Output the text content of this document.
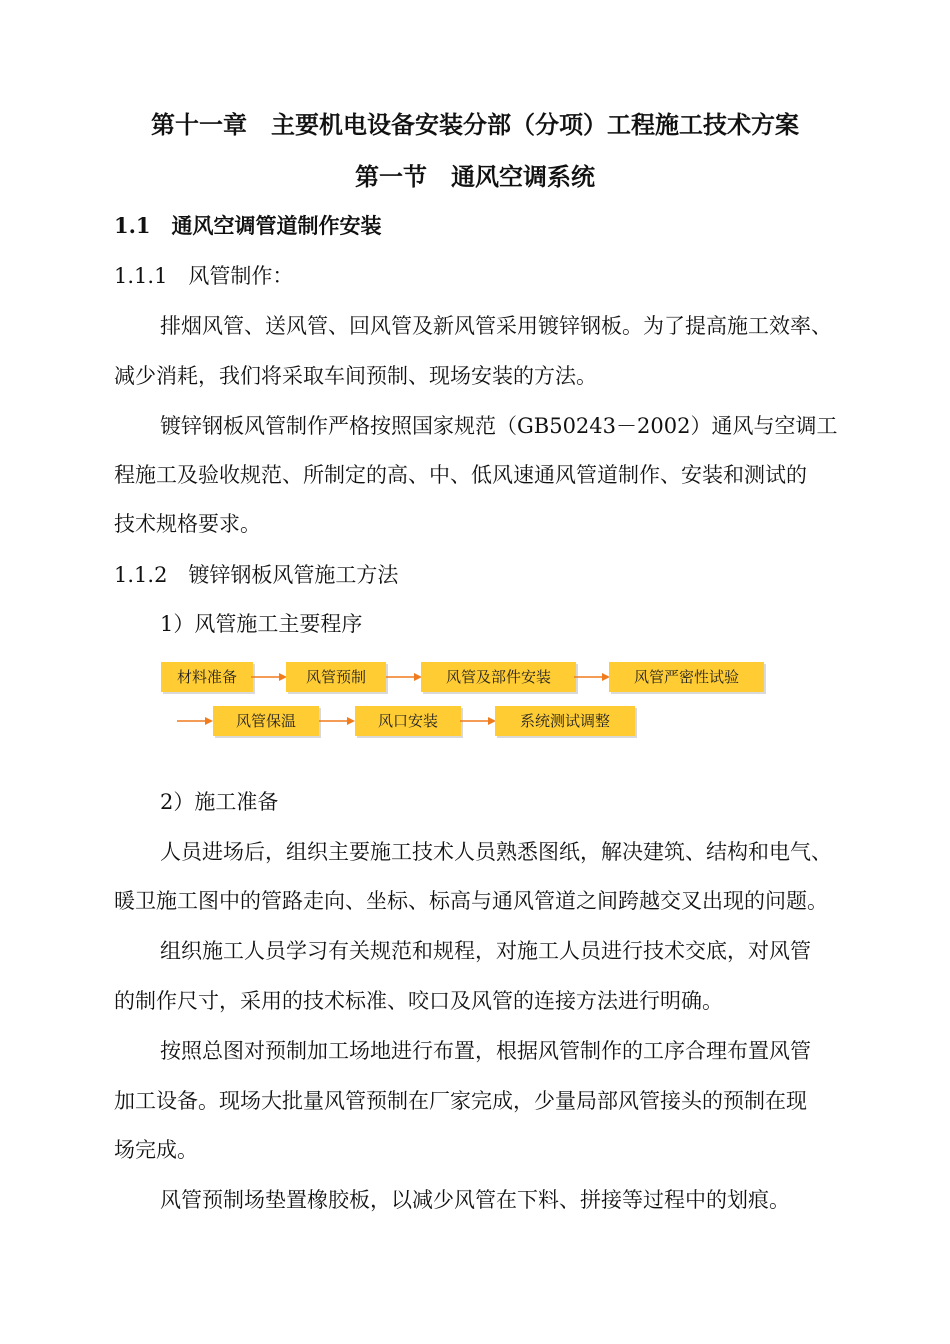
第十一章　主要机电设备安装分部（分项）工程施工技术方案
第一节　通风空调系统
1.1　通风空调管道制作安装
1.1.1　风管制作：
排烟风管、送风管、回风管及新风管采用镀锌钢板。为了提高施工效率、
减少消耗，我们将采取车间预制、现场安装的方法。
镀锌钢板风管制作严格按照国家规范（GB50243－2002）通风与空调工
程施工及验收规范、所制定的高、中、低风速通风管道制作、安装和测试的
技术规格要求。
1.1.2　镀锌钢板风管施工方法
1）风管施工主要程序
材料准备	风管预制	风管及部件安装	风管严密性试验
风管保温	风口安装	系统测试调整
2）施工准备
人员进场后，组织主要施工技术人员熟悉图纸，解决建筑、结构和电气、
暖卫施工图中的管路走向、坐标、标高与通风管道之间跨越交叉出现的问题。
组织施工人员学习有关规范和规程，对施工人员进行技术交底，对风管
的制作尺寸，采用的技术标准、咬口及风管的连接方法进行明确。
按照总图对预制加工场地进行布置，根据风管制作的工序合理布置风管
加工设备。现场大批量风管预制在厂家完成，少量局部风管接头的预制在现
场完成。
风管预制场垫置橡胶板，以减少风管在下料、拼接等过程中的划痕。
